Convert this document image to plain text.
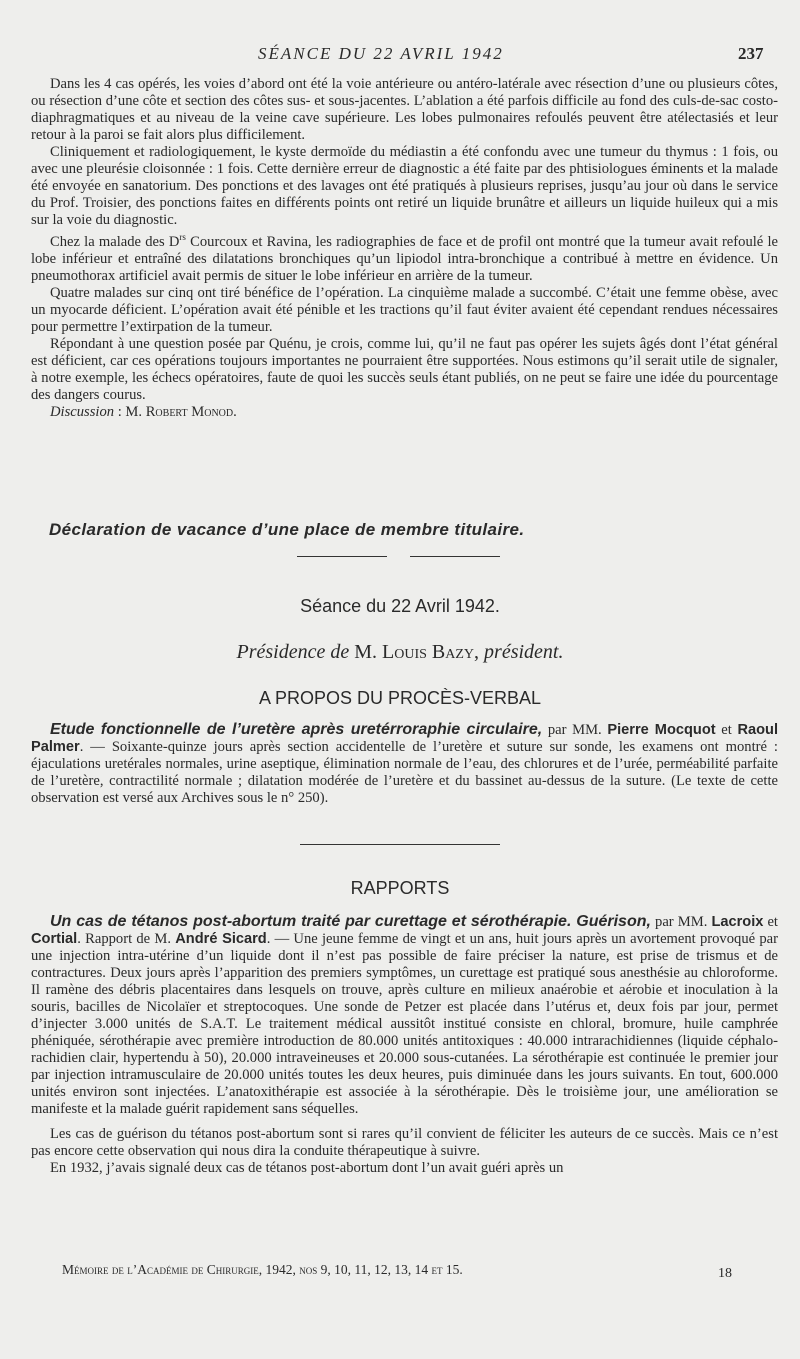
SÉANCE DU 22 AVRIL 1942	237

Dans les 4 cas opérés, les voies d’abord ont été la voie antérieure ou antéro-latérale avec résection d’une ou plusieurs côtes, ou résection d’une côte et section des côtes sus- et sous-jacentes. L’ablation a été parfois difficile au fond des culs-de-sac costo-diaphragmatiques et au niveau de la veine cave supérieure. Les lobes pulmonaires refoulés peuvent être atélectasiés et leur retour à la paroi se fait alors plus difficilement.

Cliniquement et radiologiquement, le kyste dermoïde du médiastin a été confondu avec une tumeur du thymus : 1 fois, ou avec une pleurésie cloisonnée : 1 fois. Cette dernière erreur de diagnostic a été faite par des phtisiologues éminents et la malade été envoyée en sanatorium. Des ponctions et des lavages ont été pratiqués à plusieurs reprises, jusqu’au jour où dans le service du Prof. Troisier, des ponctions faites en différents points ont retiré un liquide brunâtre et ailleurs un liquide huileux qui a mis sur la voie du diagnostic.

Chez la malade des $D^{rs}$ Courcoux et Ravina, les radiographies de face et de profil ont montré que la tumeur avait refoulé le lobe inférieur et entraîné des dilatations bronchiques qu’un lipiodol intra-bronchique a contribué à mettre en évidence. Un pneumothorax artificiel avait permis de situer le lobe inférieur en arrière de la tumeur.

Quatre malades sur cinq ont tiré bénéfice de l’opération. La cinquième malade a succombé. C’était une femme obèse, avec un myocarde déficient. L’opération avait été pénible et les tractions qu’il faut éviter avaient été cependant rendues nécessaires pour permettre l’extirpation de la tumeur.

Répondant à une question posée par Quénu, je crois, comme lui, qu’il ne faut pas opérer les sujets âgés dont l’état général est déficient, car ces opérations toujours importantes ne pourraient être supportées. Nous estimons qu’il serait utile de signaler, à notre exemple, les échecs opératoires, faute de quoi les succès seuls étant publiés, on ne peut se faire une idée du pourcentage des dangers courus.

Discussion : M. Robert Monod.

Déclaration de vacance d’une place de membre titulaire.
Séance du 22 Avril 1942.
Présidence de M. Louis Bazy, président.
A PROPOS DU PROCÈS-VERBAL

Etude fonctionnelle de l’uretère après uretérroraphie circulaire, par MM. Pierre Mocquot et Raoul Palmer. — Soixante-quinze jours après section accidentelle de l’uretère et suture sur sonde, les examens ont montré : éjaculations uretérales normales, urine aseptique, élimination normale de l’eau, des chlorures et de l’urée, perméabilité parfaite de l’uretère, contractilité normale ; dilatation modérée de l’uretère et du bassinet au-dessus de la suture. (Le texte de cette observation est versé aux Archives sous le n° 250).

RAPPORTS

Un cas de tétanos post-abortum traité par curettage et sérothérapie. Guérison, par MM. Lacroix et Cortial. Rapport de M. André Sicard. — Une jeune femme de vingt et un ans, huit jours après un avortement provoqué par une injection intra-utérine d’un liquide dont il n’est pas possible de faire préciser la nature, est prise de trismus et de contractures. Deux jours après l’apparition des premiers symptômes, un curettage est pratiqué sous anesthésie au chloroforme. Il ramène des débris placentaires dans lesquels on trouve, après culture en milieux anaérobie et aérobie et inoculation à la souris, bacilles de Nicolaïer et streptocoques. Une sonde de Petzer est placée dans l’utérus et, deux fois par jour, permet d’injecter 3.000 unités de S.A.T. Le traitement médical aussitôt institué consiste en chloral, bromure, huile camphrée phéniquée, sérothérapie avec première introduction de 80.000 unités antitoxiques : 40.000 intrarachidiennes (liquide céphalo-rachidien clair, hypertendu à 50), 20.000 intraveineuses et 20.000 sous-cutanées. La sérothérapie est continuée le premier jour par injection intramusculaire de 20.000 unités toutes les deux heures, puis diminuée dans les jours suivants. En tout, 600.000 unités environ sont injectées. L’anatoxithérapie est associée à la sérothérapie. Dès le troisième jour, une amélioration se manifeste et la malade guérit rapidement sans séquelles.

Les cas de guérison du tétanos post-abortum sont si rares qu’il convient de féliciter les auteurs de ce succès. Mais ce n’est pas encore cette observation qui nous dira la conduite thérapeutique à suivre.

En 1932, j’avais signalé deux cas de tétanos post-abortum dont l’un avait guéri après un

Mémoire de l’Académie de Chirurgie, 1942, nos 9, 10, 11, 12, 13, 14 et 15.	18
